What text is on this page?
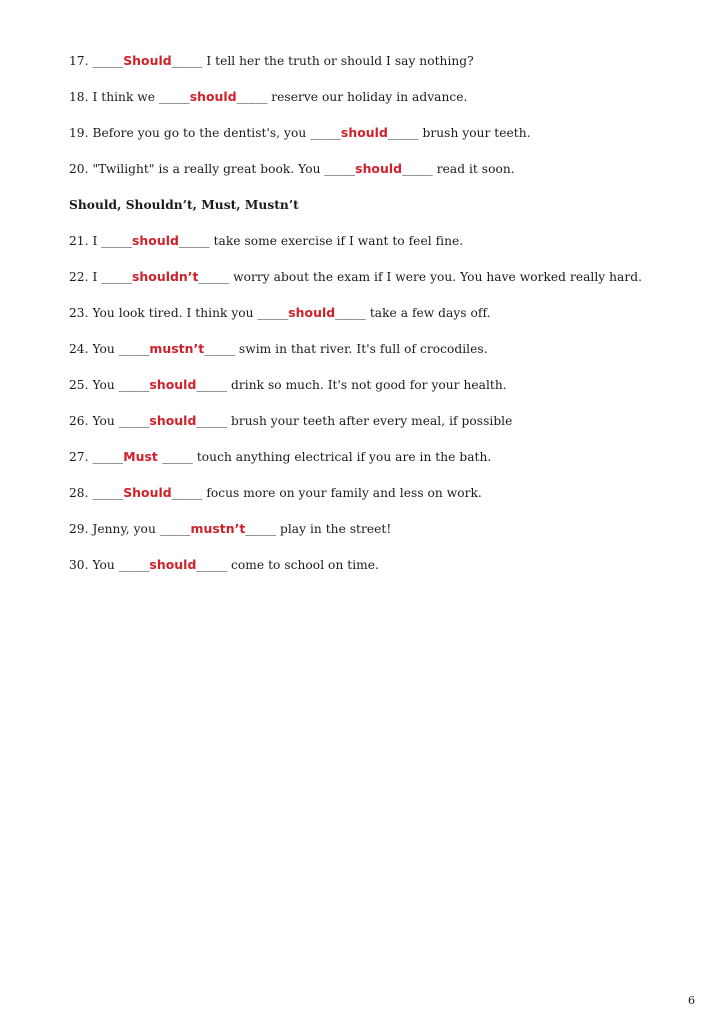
17. _____Should_____ I tell her the truth or should I say nothing?
18. I think we _____should_____ reserve our holiday in advance.
19. Before you go to the dentist's, you _____should_____ brush your teeth.
20. "Twilight" is a really great book. You _____should_____ read it soon.
Should, Shouldn’t, Must, Mustn’t
21. I _____should_____ take some exercise if I want to feel fine.
22. I _____shouldn’t_____ worry about the exam if I were you. You have worked really hard.
23. You look tired. I think you _____should_____ take a few days off.
24. You _____mustn’t_____ swim in that river. It's full of crocodiles.
25. You _____should_____ drink so much. It's not good for your health.
26. You _____should_____ brush your teeth after every meal, if possible
27. _____Must _____ touch anything electrical if you are in the bath.
28. _____Should_____ focus more on your family and less on work.
29. Jenny, you _____mustn’t_____ play in the street!
30. You _____should_____ come to school on time.
6
